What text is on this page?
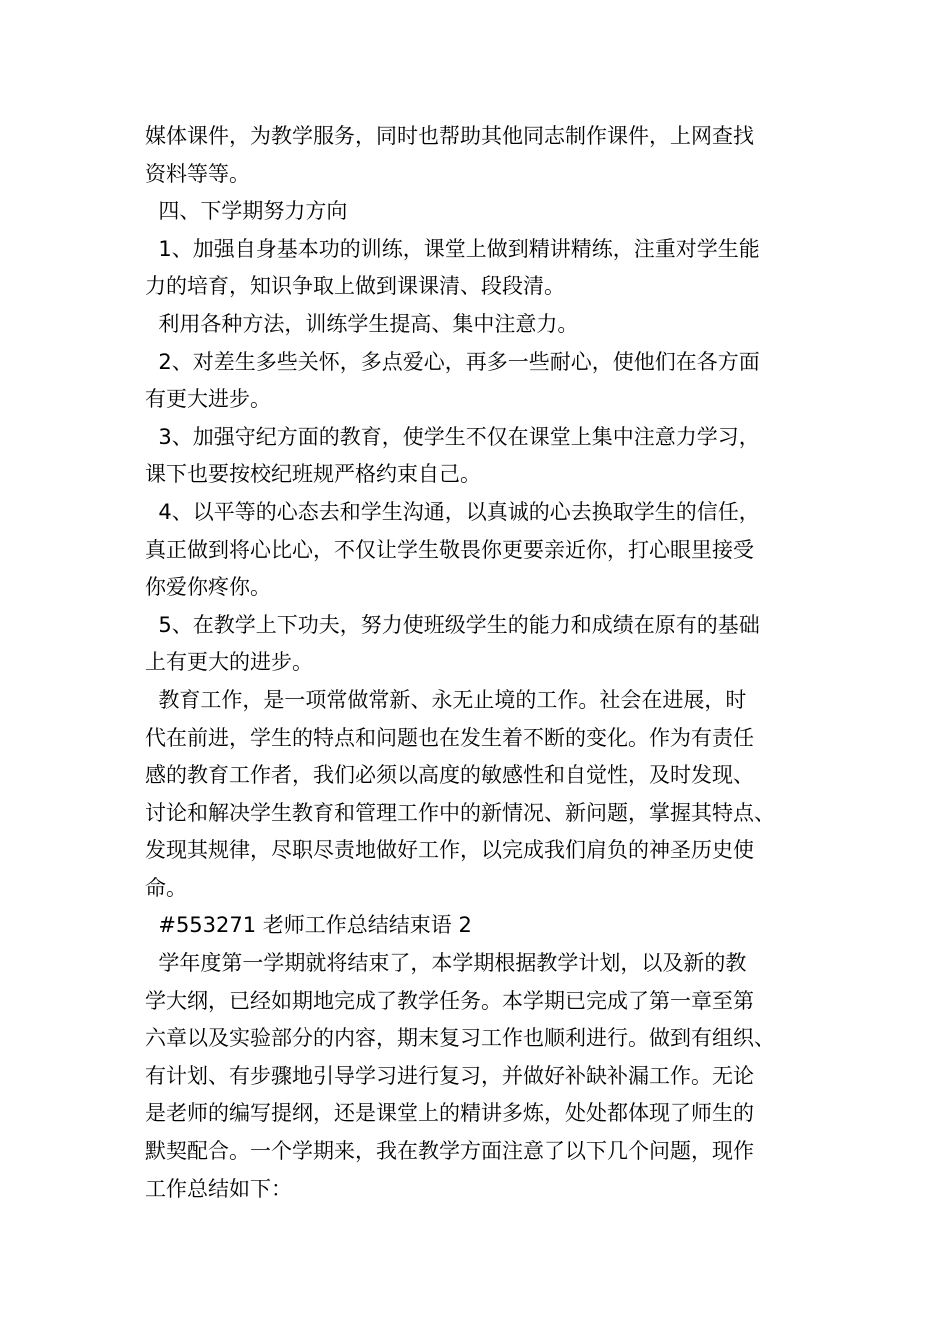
媒体课件，为教学服务，同时也帮助其他同志制作课件，上网查找
资料等等。
四、下学期努力方向
1、加强自身基本功的训练，课堂上做到精讲精练，注重对学生能
力的培育，知识争取上做到课课清、段段清。
利用各种方法，训练学生提高、集中注意力。
2、对差生多些关怀，多点爱心，再多一些耐心，使他们在各方面
有更大进步。
3、加强守纪方面的教育，使学生不仅在课堂上集中注意力学习，
课下也要按校纪班规严格约束自己。
4、以平等的心态去和学生沟通，以真诚的心去换取学生的信任，
真正做到将心比心，不仅让学生敬畏你更要亲近你，打心眼里接受
你爱你疼你。
5、在教学上下功夫，努力使班级学生的能力和成绩在原有的基础
上有更大的进步。
教育工作，是一项常做常新、永无止境的工作。社会在进展，时
代在前进，学生的特点和问题也在发生着不断的变化。作为有责任
感的教育工作者，我们必须以高度的敏感性和自觉性，及时发现、
讨论和解决学生教育和管理工作中的新情况、新问题，掌握其特点、
发现其规律，尽职尽责地做好工作，以完成我们肩负的神圣历史使
命。
#553271 老师工作总结结束语 2
学年度第一学期就将结束了，本学期根据教学计划，以及新的教
学大纲，已经如期地完成了教学任务。本学期已完成了第一章至第
六章以及实验部分的内容，期末复习工作也顺利进行。做到有组织、
有计划、有步骤地引导学习进行复习，并做好补缺补漏工作。无论
是老师的编写提纲，还是课堂上的精讲多炼，处处都体现了师生的
默契配合。一个学期来，我在教学方面注意了以下几个问题，现作
工作总结如下：
